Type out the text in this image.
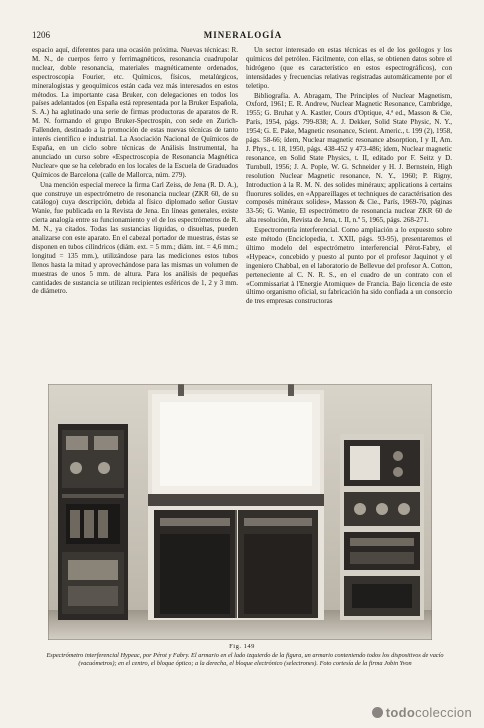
1206	MINERALOGÍA

espacio aquí, diferentes para una ocasión próxima. Nuevas técnicas: R. M. N., de cuerpos ferro y ferrimagnéticos, resonancia cuadrupolar nuclear, doble resonancia, materiales magnéticamente ordenados, espectroscopia Fourier, etc. Químicos, físicos, metalúrgicos, mineralogistas y geoquímicos están cada vez más interesados en estos métodos. La importante casa Bruker, con delegaciones en todos los países adelantados (en España está representada por la Bruker Española, S. A.) ha aglutinado una serie de firmas productoras de aparatos de R. M. N. formando el grupo Bruker-Spectrospin, con sede en Zurich-Fallenden, destinado a la promoción de estas nuevas técnicas de tanto interés científico e industrial. La Asociación Nacional de Químicos de España, en un ciclo sobre técnicas de Análisis Instrumental, ha anunciado un curso sobre «Espectroscopia de Resonancia Magnética Nuclear» que se ha celebrado en los locales de la Escuela de Graduados Químicos de Barcelona (calle de Mallorca, núm. 279).

Una mención especial merece la firma Carl Zeiss, de Jena (R. D. A.), que construye un espectrómetro de resonancia nuclear (ZKR 60, de su catálogo) cuya descripción, debida al físico diplomado señor Gustav Wanie, fue publicada en la Revista de Jena. En líneas generales, existe cierta analogía entre su funcionamiento y el de los espectrómetros de R. M. N., ya citados. Todas las sustancias líquidas, o disueltas, pueden analizarse con este aparato. En el cabezal portador de muestras, éstas se disponen en tubos cilíndricos (diám. ext. = 5 mm.; diám. int. = 4,6 mm.; longitud = 135 mm.), utilizándose para las mediciones estos tubos llenos hasta la mitad y aprovechándose para las mismas un volumen de muestras de unos 5 mm. de altura. Para los análisis de pequeñas cantidades de sustancia se utilizan recipientes esféricos de 1, 2 y 3 mm. de diámetro.

Un sector interesado en estas técnicas es el de los geólogos y los químicos del petróleo. Fácilmente, con ellas, se obtienen datos sobre el hidrógeno (que es característico en estos espectrográficos), con intensidades y frecuencias relativas registradas automáticamente por el teletipo.

Bibliografía. A. Abragam, The Principles of Nuclear Magnetism, Oxford, 1961; E. R. Andrew, Nuclear Magnetic Resonance, Cambridge, 1955; G. Bruhat y A. Kastler, Cours d'Optique, 4.ª ed., Masson & Cie, París, 1954, págs. 799-838; A. J. Dekker, Solid State Physic, N. Y., 1954; G. E. Pake, Magnetic resonance, Scient. Americ., t. 199 (2), 1958, págs. 58-66; ídem, Nuclear magnetic resonance absorption, I y II, Am. J. Phys., t. 18, 1950, págs. 438-452 y 473-486; ídem, Nuclear magnetic resonance, en Solid State Physics, t. II, editado por F. Seitz y D. Turnbull, 1956; J. A. Pople, W. G. Schneider y H. J. Bernstein, High resolution Nuclear Magnetic resonance, N. Y., 1960; P. Rigny, Introduction à la R. M. N. des solides minéraux; applications à certains fluorures solides, en «Appareillages et techniques de caractérisation des composés minéraux solides», Masson & Cie., París, 1969-70, páginas 33-56; G. Wanie, El espectrómetro de resonancia nuclear ZKR 60 de alta resolución, Revista de Jena, t. II, n.º 5, 1965, págs. 268-271.

Espectrometría interferencial. Como ampliación a lo expuesto sobre este método (Enciclopedia, t. XXII, págs. 93-95), presentaremos el último modelo del espectrómetro interferencial Pérot-Fabry, el «Hypeac», concebido y puesto al punto por el profesor Jaquinot y el ingeniero Chabbal, en el laboratorio de Bellevue del profesor A. Cotton, perteneciente al C. N. R. S., en el cuadro de un contrato con el «Commissariat à l'Energie Atomique» de Francia. Bajo licencia de este último organismo oficial, su fabricación ha sido confiada a un consorcio de tres empresas constructoras

Fig. 149
Espectrómetro interferencial Hypeac, por Pérot y Fabry. El armario en el lado izquierdo de la figura, un armario conteniendo todos los dispositivos de vacío (vacuómetros); en el centro, el bloque óptico; a la derecha, el bloque electrónico (selectrones). Foto cortesía de la firma Jobin Yvon
todocoleccion
